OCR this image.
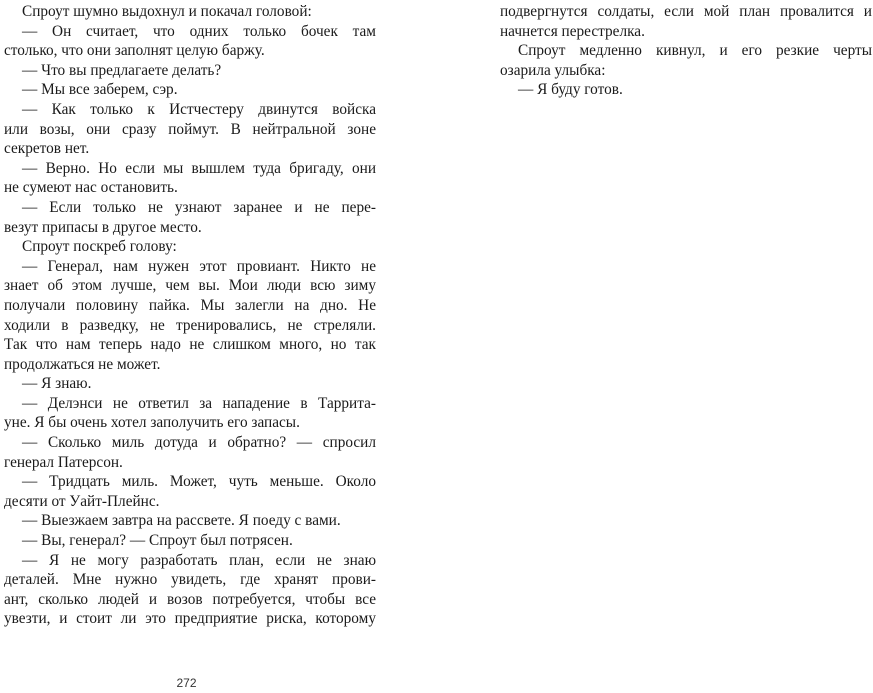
Спроут шумно выдохнул и покачал головой:
— Он считает, что одних только бочек там
столько, что они заполнят целую баржу.
— Что вы предлагаете делать?
— Мы все заберем, сэр.
— Как только к Истчестеру двинутся войска
или возы, они сразу поймут. В нейтральной зоне
секретов нет.
— Верно. Но если мы вышлем туда бригаду, они
не сумеют нас остановить.
— Если только не узнают заранее и не пере-
везут припасы в другое место.
Спроут поскреб голову:
— Генерал, нам нужен этот провиант. Никто не
знает об этом лучше, чем вы. Мои люди всю зиму
получали половину пайка. Мы залегли на дно. Не
ходили в разведку, не тренировались, не стреляли.
Так что нам теперь надо не слишком много, но так
продолжаться не может.
— Я знаю.
— Делэнси не ответил за нападение в Таррита-
уне. Я бы очень хотел заполучить его запасы.
— Сколько миль дотуда и обратно? — спросил
генерал Патерсон.
— Тридцать миль. Может, чуть меньше. Около
десяти от Уайт-Плейнс.
— Выезжаем завтра на рассвете. Я поеду с вами.
— Вы, генерал? — Спроут был потрясен.
— Я не могу разработать план, если не знаю
деталей. Мне нужно увидеть, где хранят прови-
ант, сколько людей и возов потребуется, чтобы все
увезти, и стоит ли это предприятие риска, которому
подвергнутся солдаты, если мой план провалится и
начнется перестрелка.
Спроут медленно кивнул, и его резкие черты
озарила улыбка:
— Я буду готов.
272
